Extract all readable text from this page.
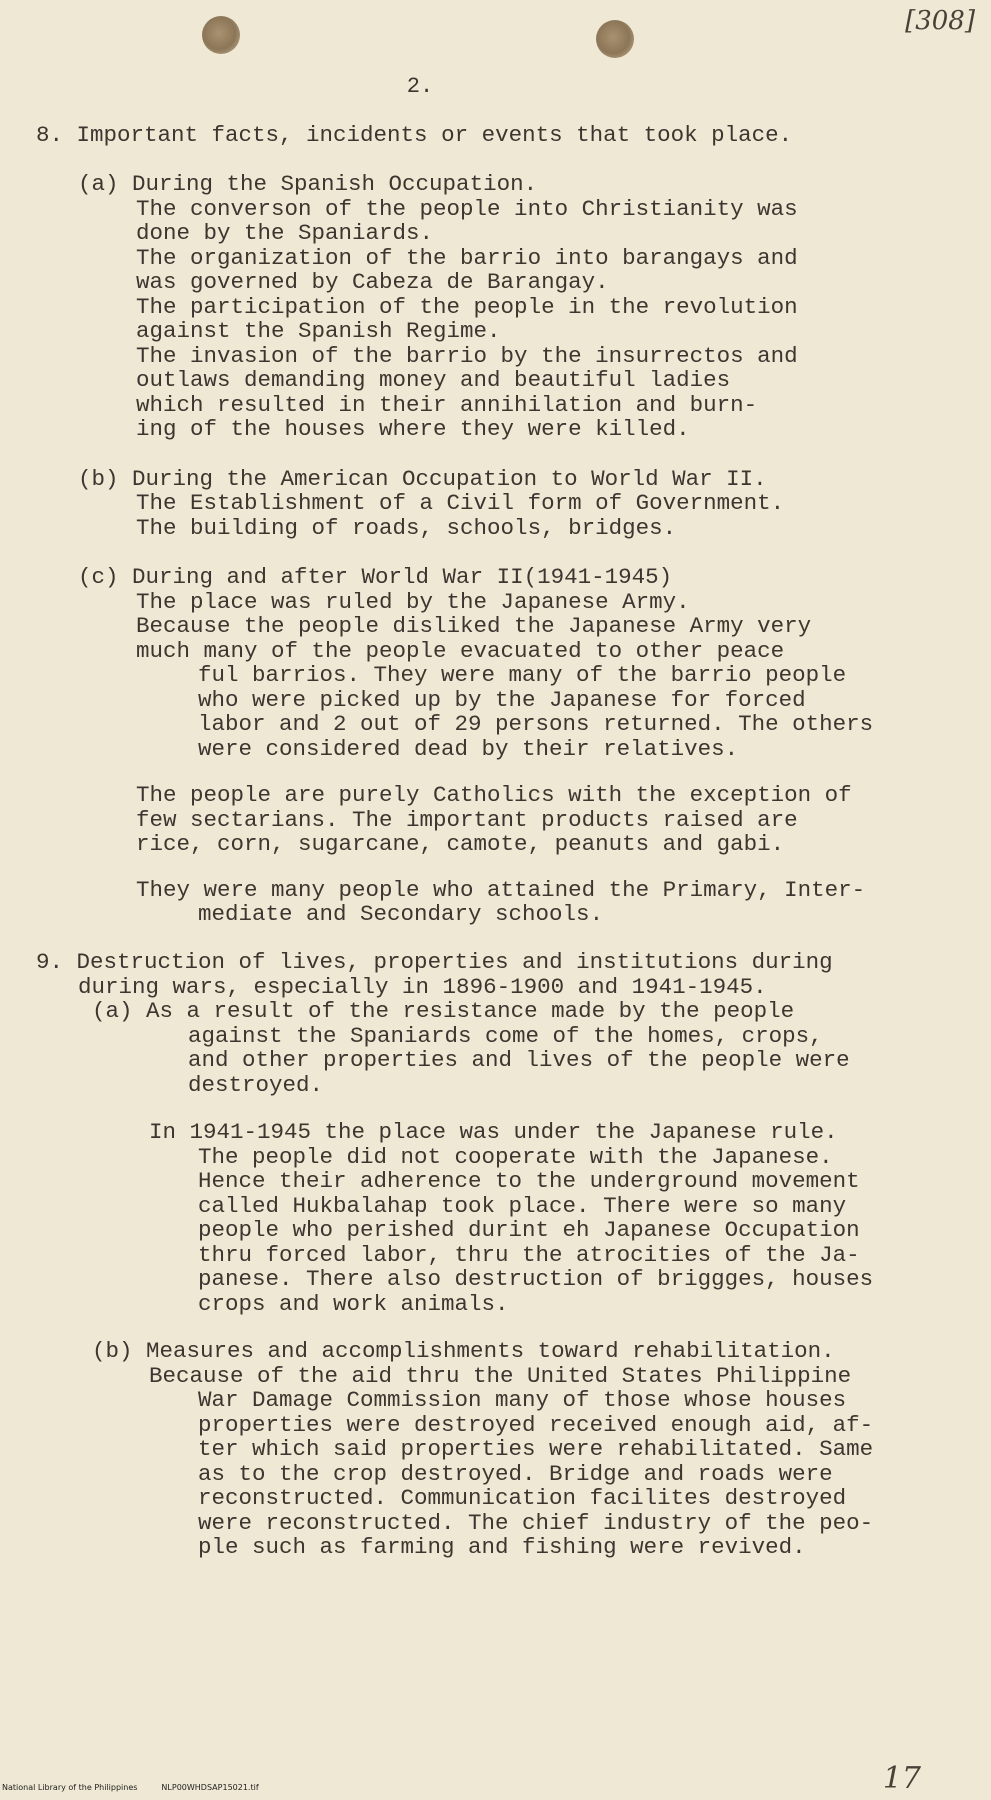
[308]
2.
8. Important facts, incidents or events that took place.
(a) During the Spanish Occupation.
The converson of the people into Christianity was
done by the Spaniards.
The organization of the barrio into barangays and
was governed by Cabeza de Barangay.
The participation of the people in the revolution
against the Spanish Regime.
The invasion of the barrio by the insurrectos and
outlaws demanding money and beautiful ladies
which resulted in their annihilation and burn-
ing of the houses where they were killed.
(b) During the American Occupation to World War II.
The Establishment of a Civil form of Government.
The building of roads, schools, bridges.
(c) During and after World War II(1941-1945)
The place was ruled by the Japanese Army.
Because the people disliked the Japanese Army very
much many of the people evacuated to other peace
ful barrios. They were many of the barrio people
who were picked up by the Japanese for forced
labor and 2 out of 29 persons returned. The others
were considered dead by their relatives.
The people are purely Catholics with the exception of
few sectarians. The important products raised are
rice, corn, sugarcane, camote, peanuts and gabi.
They were many people who attained the Primary, Inter-
mediate and Secondary schools.
9. Destruction of lives, properties and institutions during
during wars, especially in 1896-1900 and 1941-1945.
(a) As a result of the resistance made by the people
against the Spaniards come of the homes, crops,
and other properties and lives of the people were
destroyed.
In 1941-1945 the place was under the Japanese rule.
The people did not cooperate with the Japanese.
Hence their adherence to the underground movement
called Hukbalahap took place. There were so many
people who perished durint eh Japanese Occupation
thru forced labor, thru the atrocities of the Ja-
panese. There also destruction of briggges, houses
crops and work animals.
(b) Measures and accomplishments toward rehabilitation.
Because of the aid thru the United States Philippine
War Damage Commission many of those whose houses
properties were destroyed received enough aid, af-
ter which said properties were rehabilitated. Same
as to the crop destroyed. Bridge and roads were
reconstructed. Communication facilites destroyed
were reconstructed. The chief industry of the peo-
ple such as farming and fishing were revived.
National Library of the Philippines	NLP00WHDSAP15021.tif	17
